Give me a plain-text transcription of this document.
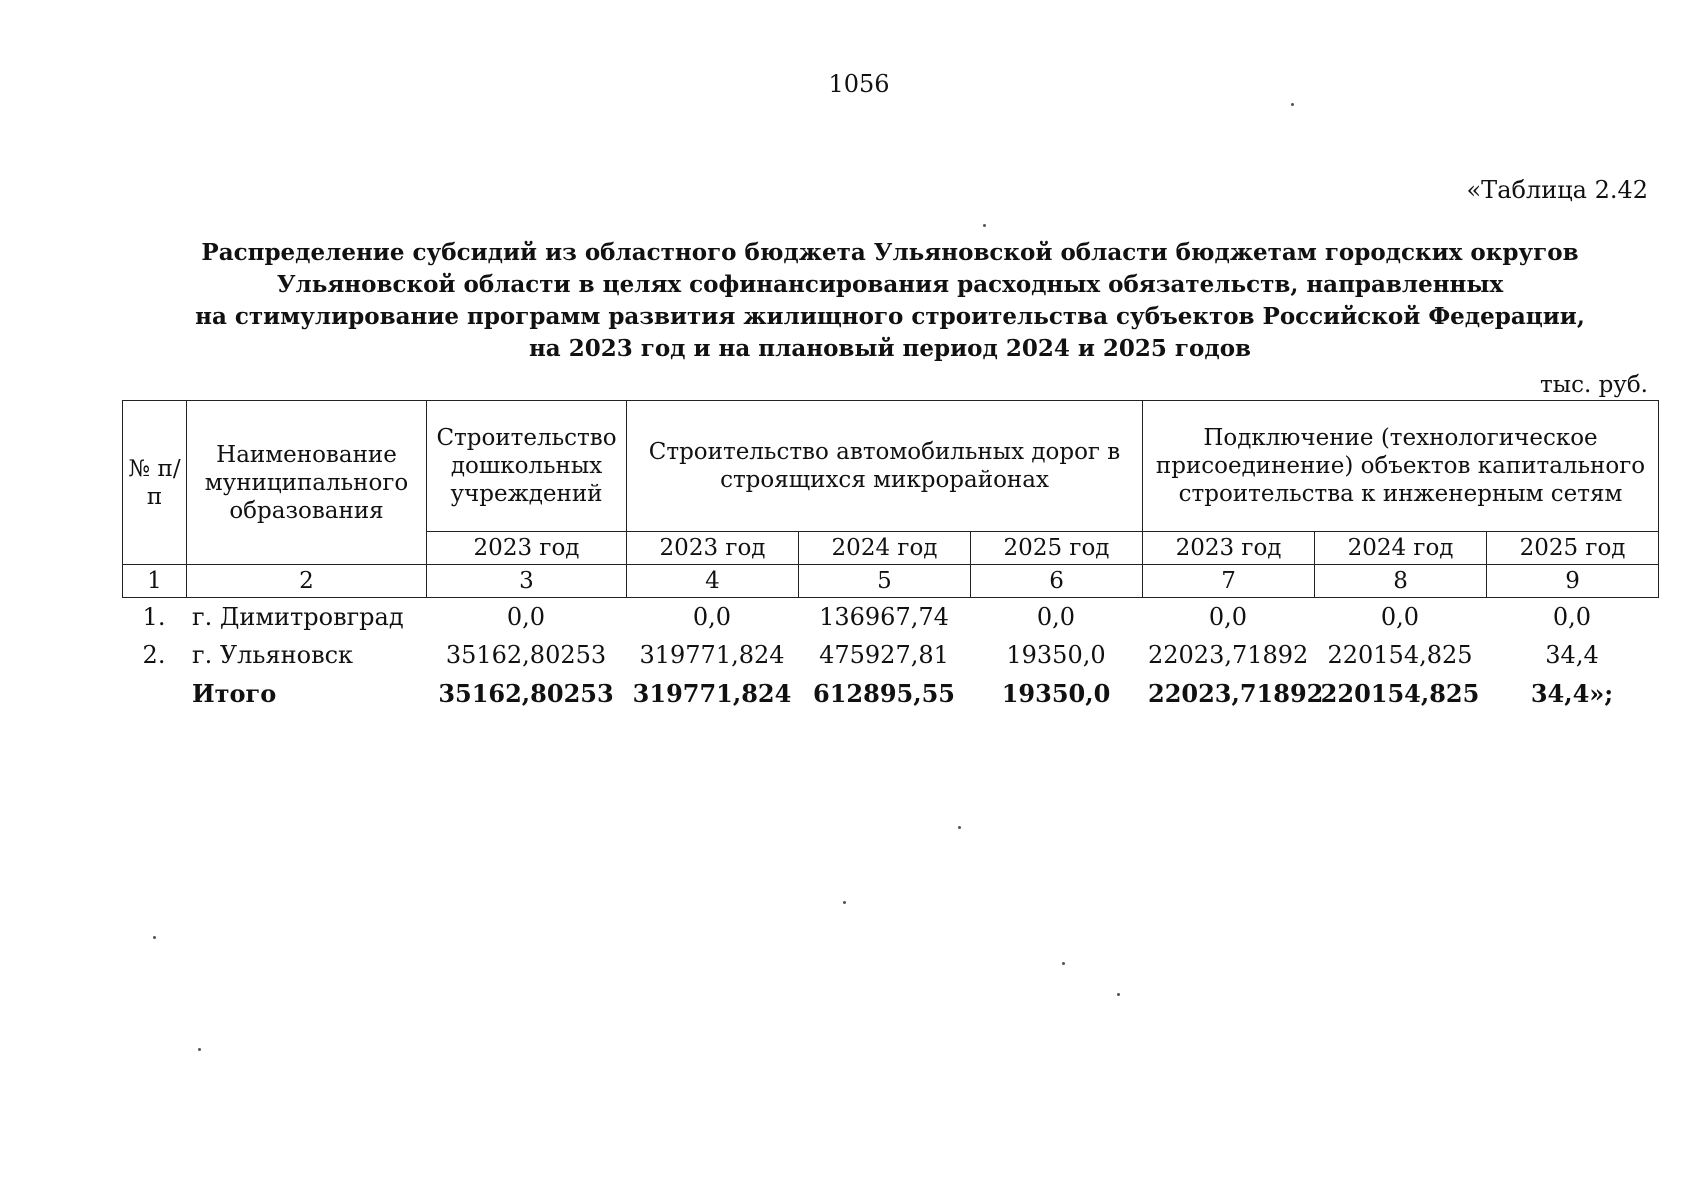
1056
«Таблица 2.42
Распределение субсидий из областного бюджета Ульяновской области бюджетам городских округов
Ульяновской области в целях софинансирования расходных обязательств, направленных
на стимулирование программ развития жилищного строительства субъектов Российской Федерации,
на 2023 год и на плановый период 2024 и 2025 годов
тыс. руб.
№ п/п	Наименование муниципального образования	Строительство дошкольных учреждений	Строительство автомобильных дорог в строящихся микрорайонах			Подключение (технологическое присоединение) объектов капитального строительства к инженерным сетям		
		2023 год	2023 год	2024 год	2025 год	2023 год	2024 год	2025 год
1	2	3	4	5	6	7	8	9
1.	г. Димитровград	0,0	0,0	136967,74	0,0	0,0	0,0	0,0
2.	г. Ульяновск	35162,80253	319771,824	475927,81	19350,0	22023,71892	220154,825	34,4
	Итого	35162,80253	319771,824	612895,55	19350,0	22023,71892	220154,825	34,4»;
